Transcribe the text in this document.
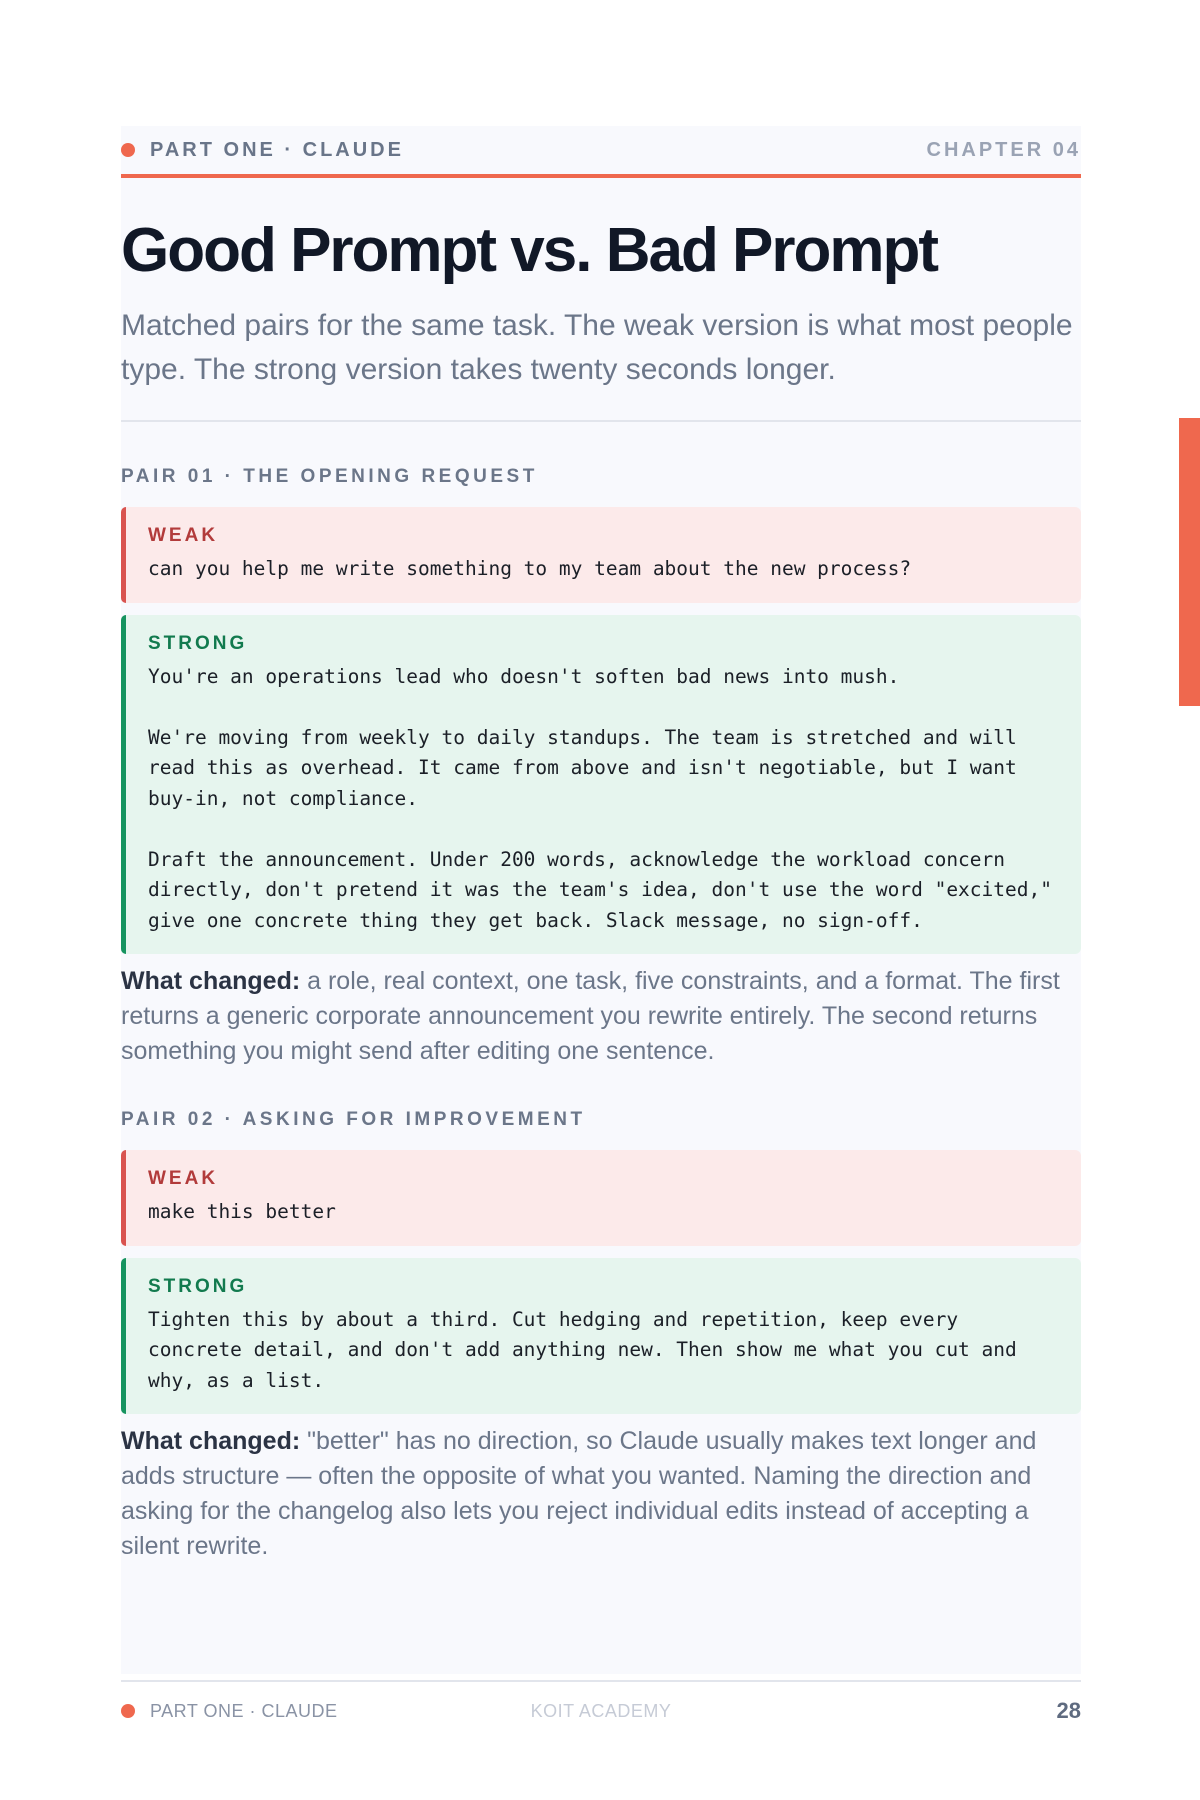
PART ONE · CLAUDE	CHAPTER 04
Good Prompt vs. Bad Prompt

Matched pairs for the same task. The weak version is what most people type. The strong version takes twenty seconds longer.

PAIR 01 · THE OPENING REQUEST
WEAK
can you help me write something to my team about the new process?
STRONG
You're an operations lead who doesn't soften bad news into mush.

We're moving from weekly to daily standups. The team is stretched and will read this as overhead. It came from above and isn't negotiable, but I want buy-in, not compliance.

Draft the announcement. Under 200 words, acknowledge the workload concern directly, don't pretend it was the team's idea, don't use the word "excited," give one concrete thing they get back. Slack message, no sign-off.
What changed: a role, real context, one task, five constraints, and a format. The first returns a generic corporate announcement you rewrite entirely. The second returns something you might send after editing one sentence.
PAIR 02 · ASKING FOR IMPROVEMENT
WEAK
make this better
STRONG
Tighten this by about a third. Cut hedging and repetition, keep every concrete detail, and don't add anything new. Then show me what you cut and why, as a list.
What changed: "better" has no direction, so Claude usually makes text longer and adds structure — often the opposite of what you wanted. Naming the direction and asking for the changelog also lets you reject individual edits instead of accepting a silent rewrite.
PART ONE · CLAUDE	KOIT ACADEMY	28
